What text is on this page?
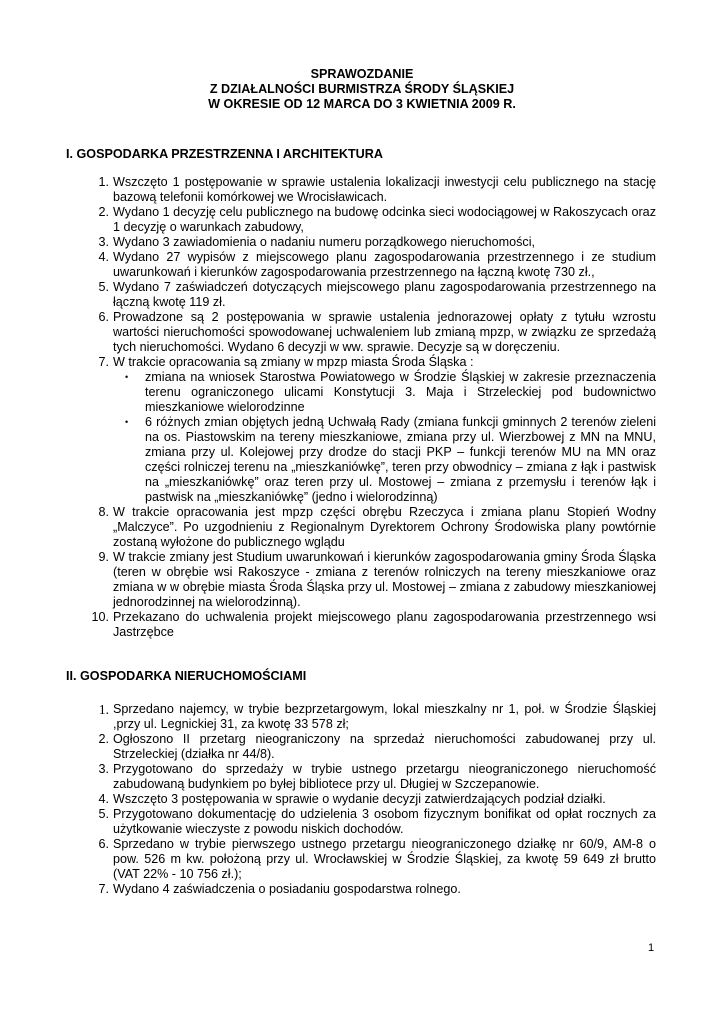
SPRAWOZDANIE
Z DZIAŁALNOŚCI BURMISTRZA ŚRODY ŚLĄSKIEJ
W OKRESIE OD 12 MARCA DO 3 KWIETNIA 2009 R.
I. GOSPODARKA PRZESTRZENNA I ARCHITEKTURA
1. Wszczęto 1 postępowanie w sprawie ustalenia lokalizacji inwestycji celu publicznego na stację bazową telefonii komórkowej we Wrocisławicach.
2. Wydano 1 decyzję celu publicznego na budowę odcinka sieci wodociągowej w Rakoszycach oraz 1 decyzję o warunkach zabudowy,
3. Wydano 3 zawiadomienia o nadaniu numeru porządkowego nieruchomości,
4. Wydano 27 wypisów z miejscowego planu zagospodarowania przestrzennego i ze studium uwarunkowań i kierunków zagospodarowania przestrzennego na łączną kwotę 730 zł.,
5. Wydano 7 zaświadczeń dotyczących miejscowego planu zagospodarowania przestrzennego na łączną kwotę 119 zł.
6. Prowadzone są 2 postępowania w sprawie ustalenia jednorazowej opłaty z tytułu wzrostu wartości nieruchomości spowodowanej uchwaleniem lub zmianą mpzp, w związku ze sprzedażą tych nieruchomości. Wydano 6 decyzji w ww. sprawie. Decyzje są w doręczeniu.
7. W trakcie opracowania są zmiany w mpzp miasta Środa Śląska :
• zmiana na wniosek Starostwa Powiatowego w Środzie Śląskiej w zakresie przeznaczenia terenu ograniczonego ulicami Konstytucji 3. Maja i Strzeleckiej pod budownictwo mieszkaniowe wielorodzinne
• 6 różnych zmian objętych jedną Uchwałą Rady (zmiana funkcji gminnych 2 terenów zieleni na os. Piastowskim na tereny mieszkaniowe, zmiana przy ul. Wierzbowej z MN na MNU, zmiana przy ul. Kolejowej przy drodze do stacji PKP – funkcji terenów MU na MN oraz części rolniczej terenu na „mieszkaniówkę”, teren przy obwodnicy – zmiana z łąk i pastwisk na „mieszkaniówkę” oraz teren przy ul. Mostowej – zmiana z przemysłu i terenów łąk i pastwisk na „mieszkaniówkę” (jedno i wielorodzinną)
8. W trakcie opracowania jest mpzp części obrębu Rzeczyca i zmiana planu Stopień Wodny „Malczyce”. Po uzgodnieniu z Regionalnym Dyrektorem Ochrony Środowiska plany powtórnie zostaną wyłożone do publicznego wglądu
9. W trakcie zmiany jest Studium uwarunkowań i kierunków zagospodarowania gminy Środa Śląska (teren w obrębie wsi Rakoszyce - zmiana z terenów rolniczych na tereny mieszkaniowe oraz zmiana w w obrębie miasta Środa Śląska przy ul. Mostowej – zmiana z zabudowy mieszkaniowej jednorodzinnej na wielorodzinną).
10. Przekazano do uchwalenia projekt miejscowego planu zagospodarowania przestrzennego wsi Jastrzębce
II. GOSPODARKA NIERUCHOMOŚCIAMI
1. Sprzedano najemcy, w trybie bezprzetargowym, lokal mieszkalny nr 1, poł. w Środzie Śląskiej ,przy ul. Legnickiej 31, za kwotę 33 578 zł;
2. Ogłoszono II przetarg nieograniczony na sprzedaż nieruchomości zabudowanej przy ul. Strzeleckiej (działka nr 44/8).
3. Przygotowano do sprzedaży w trybie ustnego przetargu nieograniczonego nieruchomość zabudowaną budynkiem po byłej bibliotece przy ul. Długiej w Szczepanowie.
4. Wszczęto 3 postępowania w sprawie o wydanie decyzji zatwierdzających podział działki.
5. Przygotowano dokumentację do udzielenia 3 osobom fizycznym bonifikat od opłat rocznych za użytkowanie wieczyste z powodu niskich dochodów.
6. Sprzedano w trybie pierwszego ustnego przetargu nieograniczonego działkę nr 60/9, AM-8 o pow. 526 m kw. położoną przy ul. Wrocławskiej w Środzie Śląskiej, za kwotę 59 649 zł brutto (VAT 22% - 10 756 zł.);
7. Wydano 4 zaświadczenia o posiadaniu gospodarstwa rolnego.
1
